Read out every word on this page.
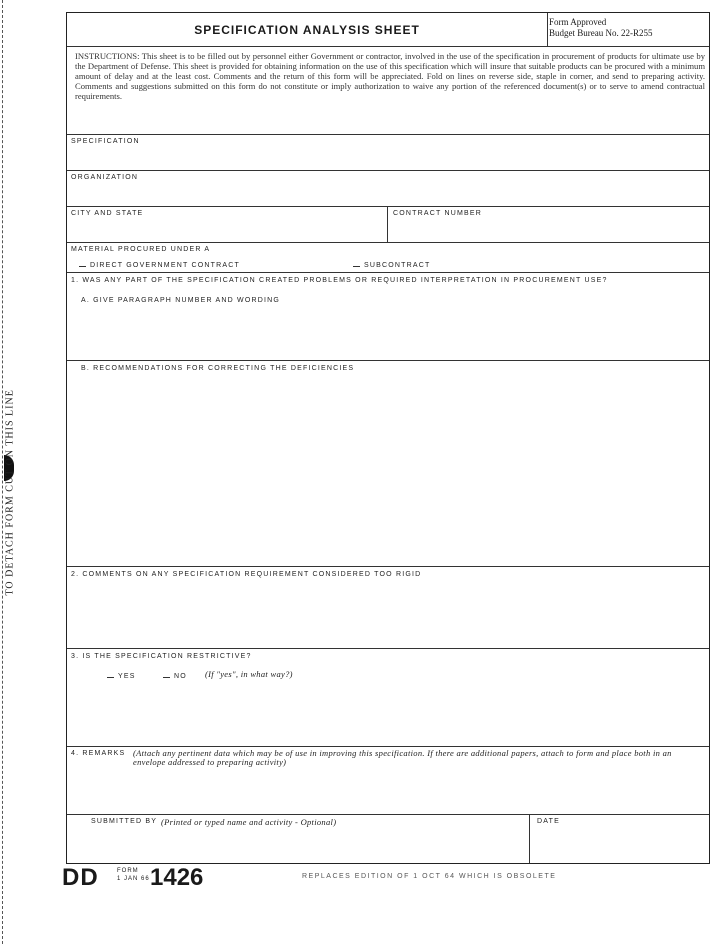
TO DETACH FORM CUT ON THIS LINE
SPECIFICATION ANALYSIS SHEET
Form Approved
Budget Bureau No. 22-R255
INSTRUCTIONS: This sheet is to be filled out by personnel either Government or contractor, involved in the use of the specification in procurement of products for ultimate use by the Department of Defense. This sheet is provided for obtaining information on the use of this specification which will insure that suitable products can be procured with a minimum amount of delay and at the least cost. Comments and the return of this form will be appreciated. Fold on lines on reverse side, staple in corner, and send to preparing activity. Comments and suggestions submitted on this form do not constitute or imply authorization to waive any portion of the referenced document(s) or to serve to amend contractual requirements.
SPECIFICATION
ORGANIZATION
CITY AND STATE	CONTRACT NUMBER
MATERIAL PROCURED UNDER A
DIRECT GOVERNMENT CONTRACT	SUBCONTRACT
1. WAS ANY PART OF THE SPECIFICATION CREATED PROBLEMS OR REQUIRED INTERPRETATION IN PROCUREMENT USE?
A. GIVE PARAGRAPH NUMBER AND WORDING
B. RECOMMENDATIONS FOR CORRECTING THE DEFICIENCIES
2. COMMENTS ON ANY SPECIFICATION REQUIREMENT CONSIDERED TOO RIGID
3. IS THE SPECIFICATION RESTRICTIVE?
YES	NO (If "yes", in what way?)
4. REMARKS (Attach any pertinent data which may be of use in improving this specification. If there are additional papers, attach to form and place both in an envelope addressed to preparing activity)
SUBMITTED BY (Printed or typed name and activity - Optional)	DATE
DD	FORM
1 JAN 66 1426	REPLACES EDITION OF 1 OCT 64 WHICH IS OBSOLETE
